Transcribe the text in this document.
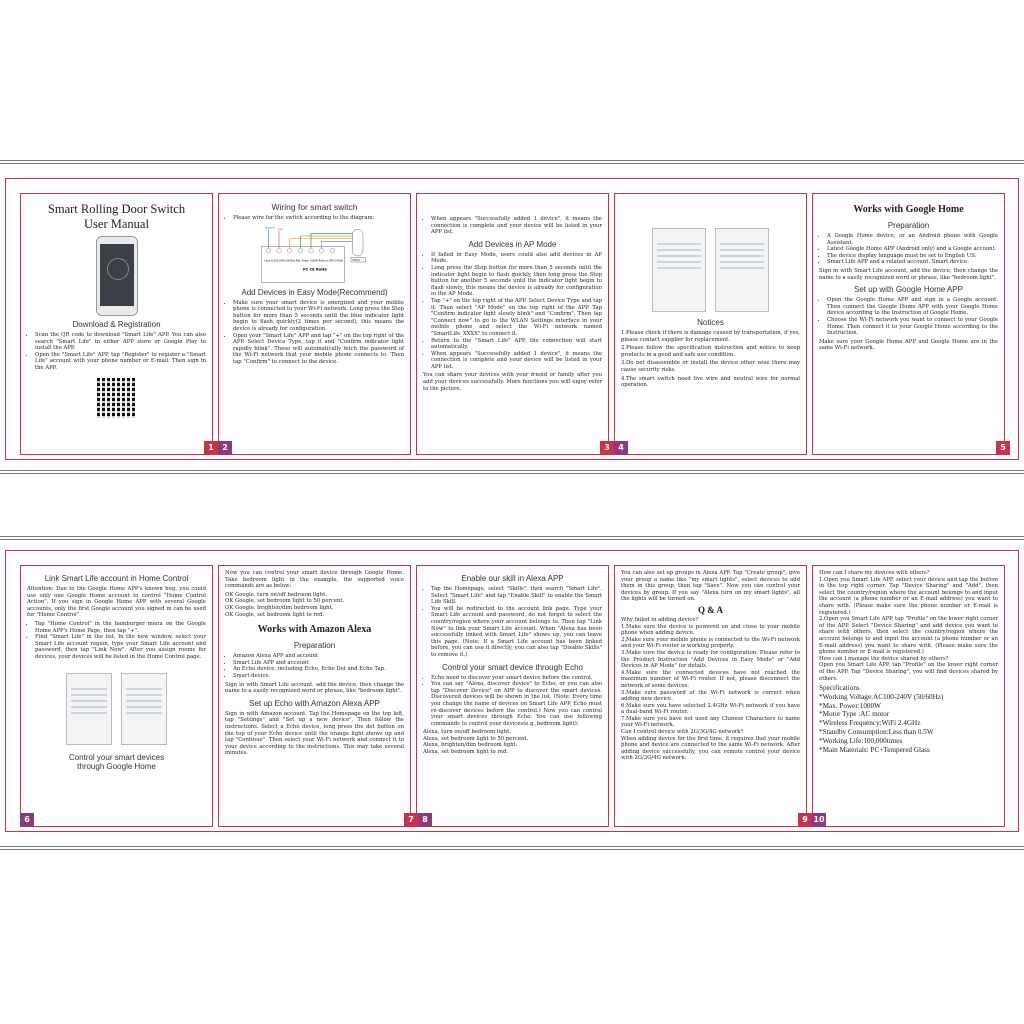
Smart Rolling Door Switch
User Manual
Download & Registration
• Scan the QR code to download "Smart Life" APP. You can also search "Smart Life" in either APP store or Google Play to install the APP.
• Open the "Smart Life" APP, tap "Register" to register a "Smart Life" account with your phone number or E-mail. Then sign in the APP.
Wiring for smart switch
• Please wire for the switch according to the diagram:
Motor
Neutral Live
Input:AC100-240V 50/60Hz Max. Power: 1000W Protocol: WiFi 2.4GHz
FC CE RoHS
Add Devices in Easy Mode(Recommend)
• Make sure your smart device is energized and your mobile phone is connected to your Wi-Fi network. Long press the Stop button for more than 5 seconds until the blue indicator light begin to flash quickly(2 times per second), this means the device is already for configuration.
• Open your "Smart Life" APP and tap "+" on the top right of the APP. Select Device Type, tap it and "Confirm indicator light rapidly blink". These will automatically fetch the password of the Wi-Fi network that your mobile phone connects to. Then tap "Confirm" to connect to the device.
• When appears "Successfully added 1 device", it means the connection is complete and your device will be listed in your APP list.
Add Devices in AP Mode
• If failed in Easy Mode, users could also add devices in AP Mode.
• Long press the Stop button for more than 5 seconds until the indicator light begin to flash quickly, then long press the Stop button for another 5 seconds until the indicator light begin to flash slowly, this means the device is already for configuration in the AP Mode.
• Tap "+" on the top right of the APP. Select Device Type and tap it. Then select "AP Mode" on the top right of the APP. Tap "Confirm indicator light slowly blink" and "Confirm". Then tap "Connect now" to go to the WLAN Settings interface in your mobile phone and select the Wi-Fi network named "SmartLife_XXXX" to connect it.
• Return to the "Smart Life" APP, the connection will start automatically.
• When appears "Successfully added 1 device", it means the connection is complete and your device will be listed in your APP list.

You can share your devices with your friend or family after you add your devices successfully. More functions you will enjoy refer to the picture.

Notices

1.Please check if there is damage caused by transportation, if yes, please contact supplier for replacement.

2.Please follow the specification instruction and notice to keep products in a good and safe use condition.

3.Do not disassemble or install the device other wise there may cause security risks.

4.The smart switch need live wire and neutral wire for normal operation.

Works with Google Home
Preparation
• A Google Home device, or an Android phone with Google Assistant.
• Latest Google Home APP (Android only) and a Google account.
• The device display language must be set to English US.
• Smart Life APP and a related account. Smart device.

Sign in with Smart Life account, add the device, then change the name to a easily recognized word or phrase, like "bedroom light".

Set up with Google Home APP
• Open the Google Home APP and sign in a Google account. Then connect the Google Home APP with your Google Home device according to the Instruction of Google Home.
• Choose the Wi-Fi network you want to connect to your Google Home. Then connect it to your Google Home according to the Instruction.

Make sure your Google Home APP and Google Home are in the same Wi-Fi network.

1	2	3	4	5
Link Smart Life account in Home Control

Attention: Due to the Google Home APP's known bug, you could use only one Google Home account to control "Home Control Action". If you sign in Google Home APP with several Google accounts, only the first Google account you signed in can be used for "Home Control".

• Tap "Home Control" in the hamburger menu on the Google Home APP's Home Page, then tap "+".
• Find "Smart Life" in the list. In the new window, select your Smart Life account region, type your Smart Life account and password, then tap "Link Now". After you assign rooms for devices, your devices will be listed in the Home Control page.

Control your smart devices
through Google Home

Now you can control your smart device through Google Home. Take bedroom light in the example, the supported voice commands are as below:

OK Google, turn on/off bedroom light.

OK Google, set bedroom light to 50 percent.

OK Google, brighten/dim bedroom light.

OK Google, set bedroom light to red.

Works with Amazon Alexa
Preparation
• Amazon Alexa APP and account
• Smart Life APP and account
• An Echo device, including Echo, Echo Dot and Echo Tap.
• Smart device.

Sign in with Smart Life account, add the device, then change the name to a easily recognized word or phrase, like "bedroom light".

Set up Echo with Amazon Alexa APP

Sign in with Amazon account. Tap the Homepage on the top left, tap "Settings" and "Set up a new device". Then follow the instructions. Select a Echo device, long press the dot button on the top of your Echo device until the orange light shows up and tap "Continue". Then select your Wi-Fi network and connect it to your device according to the instructions. This may take several minutes.

Enable our skill in Alexa APP
• Tap the Homepage, select "Skills", then search "Smart Life". Select "Smart Life" and tap "Enable Skill" to enable the Smart Life Skill.
• You will be redirected to the account link page. Type your Smart Life account and password, do not forget to select the country/region where your account belongs to. Then tap "Link Now" to link your Smart Life account. When "Alexa has been successfully linked with Smart Life" shows up, you can leave this page. (Note: If a Smart Life account has been linked before, you can use it directly, you can also tap "Disable Skills" to remove it.)
Control your smart device through Echo
• Echo need to discover your smart device before the control.
• You can say "Alexa, discover device" to Echo, or you can also tap "Discover Device" on APP to discover the smart devices. Discovered devices will be shown in the list. (Note: Every time you change the name of devices on Smart Life APP, Echo must re-discover devices before the control.) Now you can control your smart devices through Echo. You can use following commands to control your devices(e.g.,bedroom light):

Alexa, turn on/off bedroom light.

Alexa, set bedroom light to 50 percent.

Alexa, brighten/dim bedroom light.

Alexa, set bedroom light to red.

You can also set up groups in Alexa APP. Tap "Create group", give your group a name like "my smart lights", select devices to add them in this group, then tap "Save". Now you can control your devices by group. If you say "Alexa turn on my smart lights", all the lights will be turned on.

Q & A

Why failed in adding device?

1.Make sure the device is powered on and close to your mobile phone when adding device.

2.Make sure your mobile phone is connected to the Wi-Fi network and your Wi-Fi router is working properly.

3.Make sure the device is ready for configuration. Please refer to the Product Instruction "Add Devices in Easy Mode" or "Add Devices in AP Mode" for details.

4.Make sure the connected devices have not reached the maximum number of Wi-Fi router. If not, please disconnect the network of some devices.

5.Make sure password of the Wi-Fi network is correct when adding new device.

6.Make sure you have selected 2.4GHz Wi-Fi network if you have a dual-band Wi-Fi router.

7.Make sure you have not used any Chinese Characters to name your Wi-Fi network.

Can I control device with 2G/3G/4G network?

When adding device for the first time, it requires that your mobile phone and device are connected to the same Wi-Fi network. After adding device successfully, you can remote control your device with 2G/3G/4G network.

How can I share my devices with others?

1.Open you Smart Life APP, select your device and tap the button in the top right corner. Tap "Device Sharing" and "Add", then select the country/region where the account belongs to and input the account (a phone number or an E-mail address) you want to share with. (Please make sure the phone number or E-mail is registered.)

2.Open you Smart Life APP, tap "Profile" on the lower right corner of the APP. Select "Device Sharing" and add device you want to share with others, then select the country/region where the account belongs to and input the account (a phone number or an E-mail address) you want to share with. (Please make sure the phone number or E-mail is registered.)

How can I manage the device shared by others?

Open you Smart Life APP, tap "Profile" on the lower right corner of the APP. Tap "Device Sharing", you will find devices shared by others.

Specifications

*Working Voltage:AC100-240V (50/60Hz)

*Max. Power:1000W

*Motor Type :AC motor

*Wireless Frequency:WiFi 2.4GHz

*Standby Consumption:Less than 0.5W

*Working Life:100,000times

*Main Materials: PC+Tempered Glass

6	7	8	9 10
